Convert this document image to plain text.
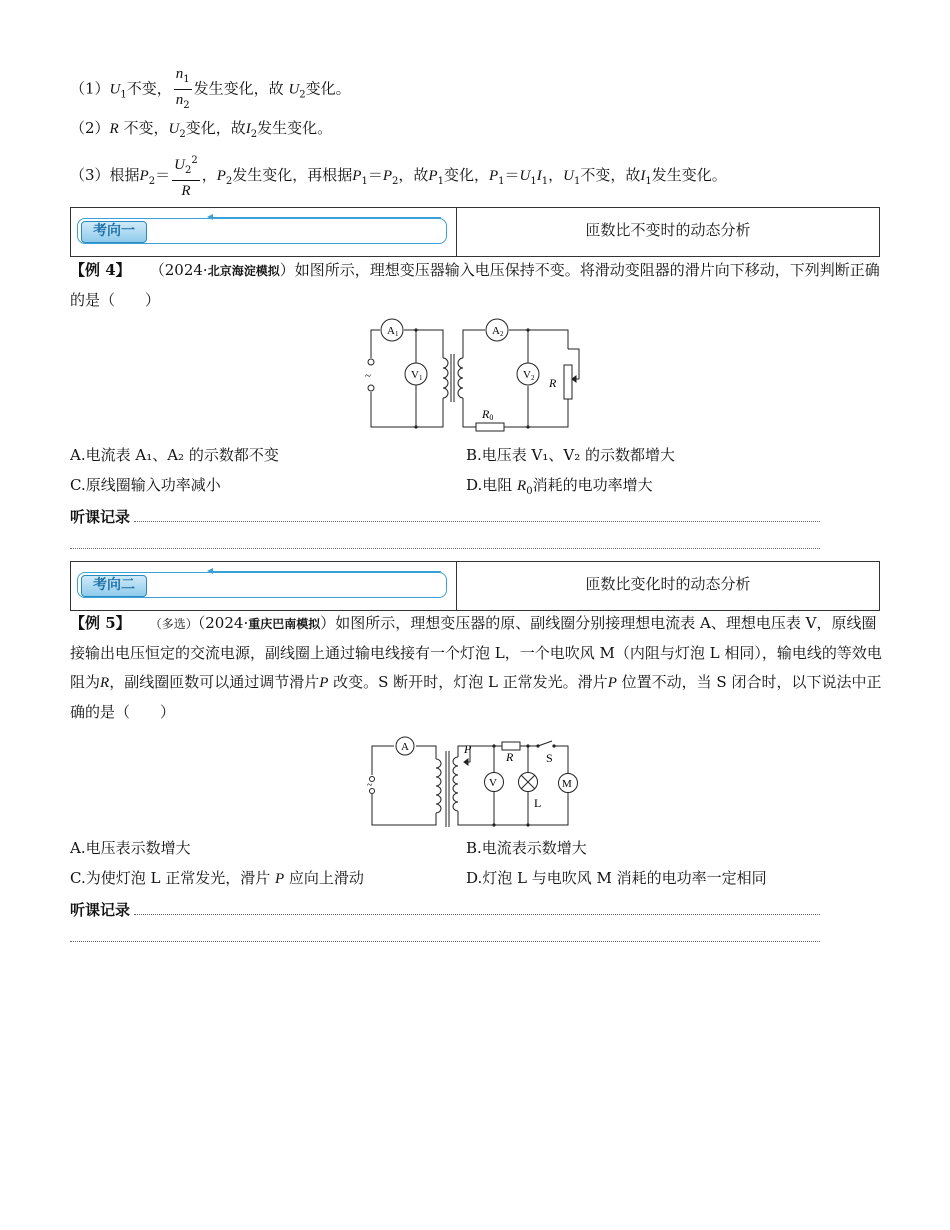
$(1)U_1$不变， $\frac{n_1}{n_2}$ 发生变化，故 $U_2$变化。
（2）R 不变，$U_2$变化，故$I_2$发生变化。
（3）根据$P_2= \frac{U_2^2}{R}$ ，$P_2$发生变化，再根据$P_1=P_2$，故$P_1$变化，$P_1=U_1I_1$，$U_1$不变，故$I_1$发生变化。
考向一	匝数比不变时的动态分析
【例 4】 （2024·北京海淀模拟）如图所示，理想变压器输入电压保持不变。将滑动变阻器的滑片向下移动，下列判断正确的是（　　）
A1
V1
A2
V2 R
R0
~
A.电流表 A₁、A₂ 的示数都不变	B.电压表 V₁、V₂ 的示数都增大
C.原线圈输入功率减小	D.电阻 $R_0$消耗的电功率增大
听课记录
考向二	匝数比变化时的动态分析
【例 5】 （多选）（2024·重庆巴南模拟）如图所示，理想变压器的原、副线圈分别接理想电流表 A、理想电压表 V，原线圈接输出电压恒定的交流电源，副线圈上通过输电线接有一个灯泡 L，一个电吹风 M（内阻与灯泡 L 相同），输电线的等效电阻为R，副线圈匝数可以通过调节滑片P 改变。S 断开时，灯泡 L 正常发光。滑片P 位置不动，当 S 闭合时，以下说法中正确的是（　　）
A	P
R	S
V
L
M
~
A.电压表示数增大	B.电流表示数增大
C.为使灯泡 L 正常发光，滑片 P 应向上滑动	D.灯泡 L 与电吹风 M 消耗的电功率一定相同
听课记录
